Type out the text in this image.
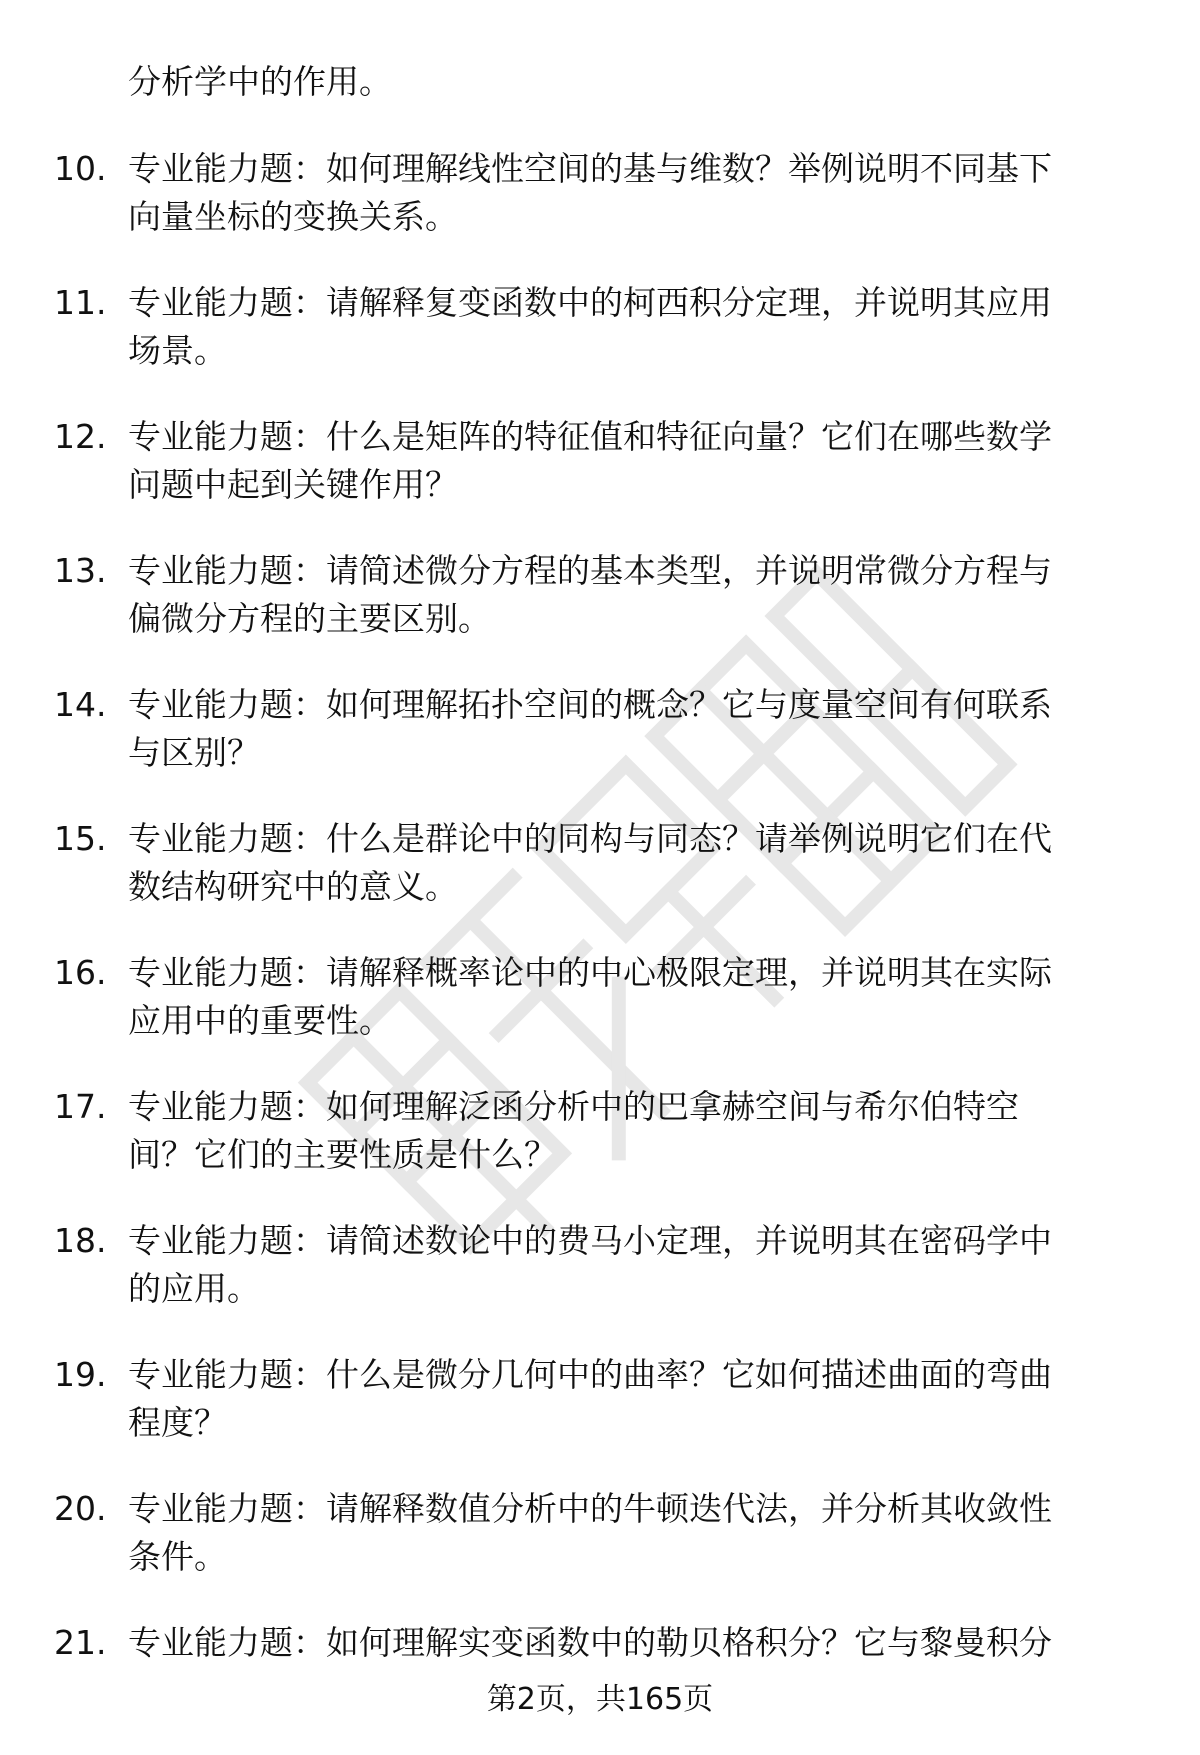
分析学中的作用。
10. 专业能力题：如何理解线性空间的基与维数？举例说明不同基下
向量坐标的变换关系。
11. 专业能力题：请解释复变函数中的柯西积分定理，并说明其应用
场景。
12. 专业能力题：什么是矩阵的特征值和特征向量？它们在哪些数学
问题中起到关键作用？
13. 专业能力题：请简述微分方程的基本类型，并说明常微分方程与
偏微分方程的主要区别。
14. 专业能力题：如何理解拓扑空间的概念？它与度量空间有何联系
与区别？
15. 专业能力题：什么是群论中的同构与同态？请举例说明它们在代
数结构研究中的意义。
16. 专业能力题：请解释概率论中的中心极限定理，并说明其在实际
应用中的重要性。
17. 专业能力题：如何理解泛函分析中的巴拿赫空间与希尔伯特空
间？它们的主要性质是什么？
18. 专业能力题：请简述数论中的费马小定理，并说明其在密码学中
的应用。
19. 专业能力题：什么是微分几何中的曲率？它如何描述曲面的弯曲
程度？
20. 专业能力题：请解释数值分析中的牛顿迭代法，并分析其收敛性
条件。
21. 专业能力题：如何理解实变函数中的勒贝格积分？它与黎曼积分
第2页，共165页
